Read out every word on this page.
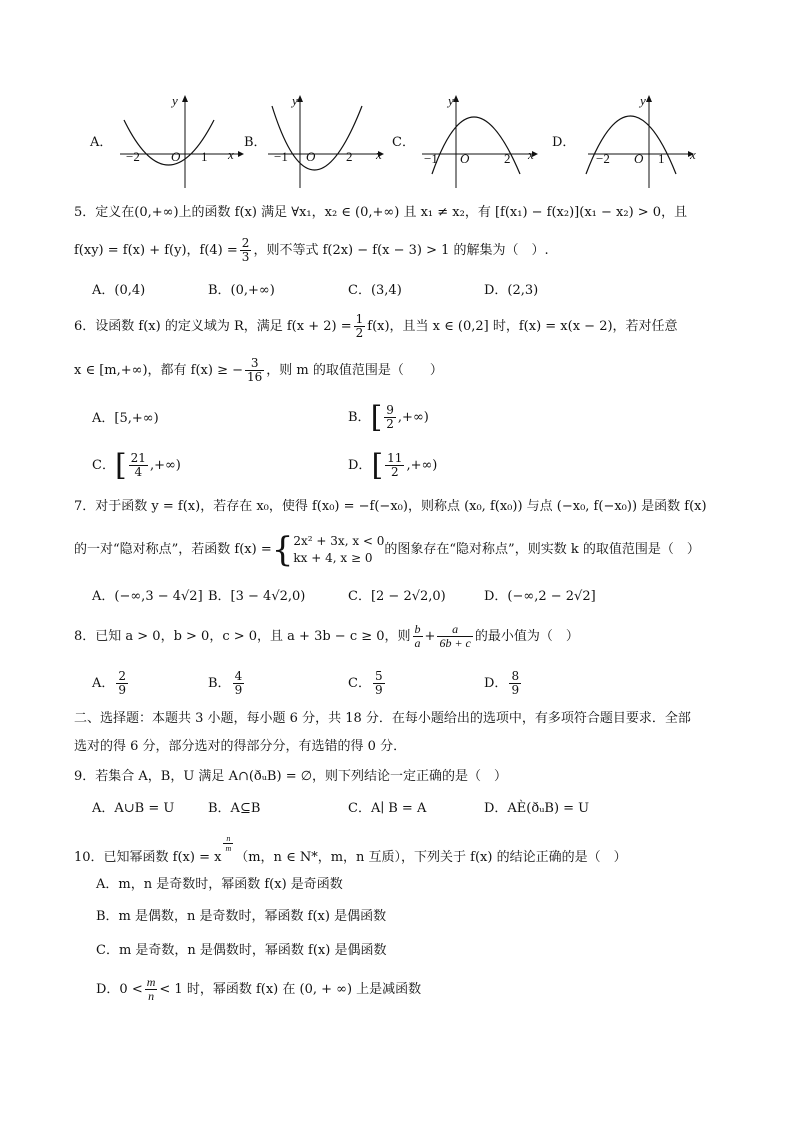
A．
y
x
O
−2	1
B．
y
x
O
−1	2
C．
y
x
O
−1	2
D．
y
x
O
−2	1
5．定义在(0,+∞)上的函数 f(x) 满足 ∀x₁，x₂ ∈ (0,+∞) 且 x₁ ≠ x₂，有 [f(x₁) − f(x₂)](x₁ − x₂) > 0，且
f(xy) = f(x) + f(y)，$f(4) = \frac{2}{3}$ ，则不等式 f(2x) − f(x − 3) > 1 的解集为（　）.
A．(0,4)	B．(0,+∞)	C．(3,4)	D．(2,3)
6．设函数 f(x) 的定义域为 R，满足 $f(x + 2) = \frac{1}{2} f(x)$，且当 x ∈ (0,2] 时，f(x) = x(x − 2)，若对任意
x ∈ [m,+∞)，都有 f(x) ≥ − $\frac{3}{16}$ ，则 m 的取值范围是（　　）
A．[5,+∞)	B．[ $\frac{9}{2}$ ,+∞)
C．[ $\frac{21}{4}$ ,+∞)	D．[ $\frac{11}{2}$ ,+∞)
7．对于函数 y = f(x)，若存在 x₀，使得 f(x₀) = −f(−x₀)，则称点 (x₀, f(x₀)) 与点 (−x₀, f(−x₀)) 是函数 f(x)
的一对“隐对称点”，若函数 f(x) ={ 2x² + 3x, x < 0
kx + 4, x ≥ 0
的图象存在“隐对称点”，则实数 k 的取值范围是（　）
A．(−∞,3 − 4√2] B．[3 − 4√2,0)	C．[2 − 2√2,0)	D．(−∞,2 − 2√2]
8．已知 a > 0，b > 0，c > 0，且 a + 3b − c ≥ 0，则 $\frac{b}{a} + \frac{a}{6b + c}$ 的最小值为（　）
A． $\frac{2}{9}$	B． $\frac{4}{9}$	C． $\frac{5}{9}$	D． $\frac{8}{9}$
二、选择题：本题共 3 小题，每小题 6 分，共 18 分．在每小题给出的选项中，有多项符合题目要求．全部
选对的得 6 分，部分选对的得部分分，有选错的得 0 分．
9．若集合 A，B，U 满足 A∩(ðᵤB) = ∅，则下列结论一定正确的是（　）
A．A∪B = U	B．A⊆B	C．A∣ B = A	D．AÈ(ðᵤB) = U
10．已知幂函数 f(x) = x
$^{\frac{n}{m}}$
（m，n ∈ N*，m，n 互质），下列关于 f(x) 的结论正确的是（　）
A．m，n 是奇数时，幂函数 f(x) 是奇函数
B．m 是偶数，n 是奇数时，幂函数 f(x) 是偶函数
C．m 是奇数，n 是偶数时，幂函数 f(x) 是偶函数
D．$0 < \frac{m}{n} < 1$ 时，幂函数 f(x) 在 (0, + ∞) 上是减函数
